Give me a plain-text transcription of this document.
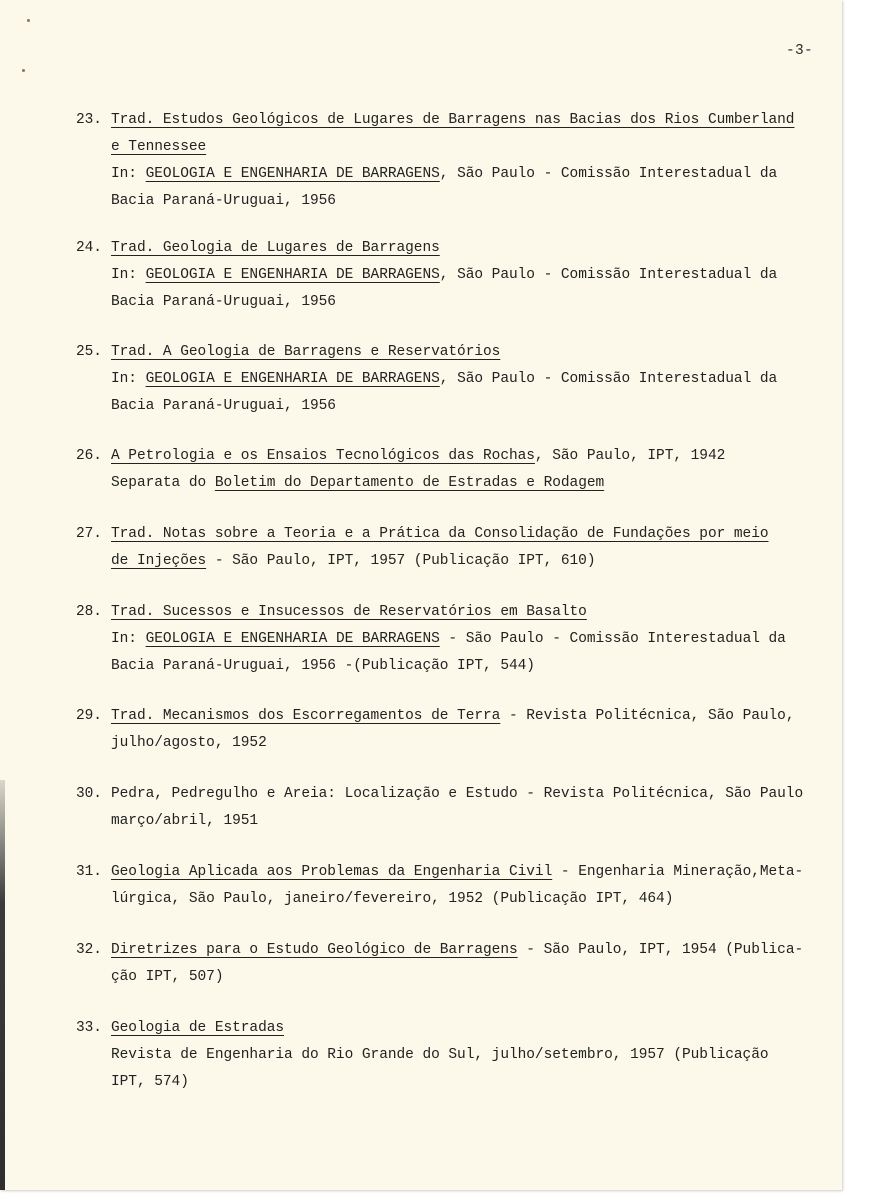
-3-
23. Trad. Estudos Geológicos de Lugares de Barragens nas Bacias dos Rios Cumberland
e Tennessee
In: GEOLOGIA E ENGENHARIA DE BARRAGENS, São Paulo - Comissão Interestadual da
Bacia Paraná-Uruguai, 1956
24. Trad. Geologia de Lugares de Barragens
In: GEOLOGIA E ENGENHARIA DE BARRAGENS, São Paulo - Comissão Interestadual da
Bacia Paraná-Uruguai, 1956
25. Trad. A Geologia de Barragens e Reservatórios
In: GEOLOGIA E ENGENHARIA DE BARRAGENS, São Paulo - Comissão Interestadual da
Bacia Paraná-Uruguai, 1956
26. A Petrologia e os Ensaios Tecnológicos das Rochas, São Paulo, IPT, 1942
Separata do Boletim do Departamento de Estradas e Rodagem
27. Trad. Notas sobre a Teoria e a Prática da Consolidação de Fundações por meio
de Injeções - São Paulo, IPT, 1957 (Publicação IPT, 610)
28. Trad. Sucessos e Insucessos de Reservatórios em Basalto
In: GEOLOGIA E ENGENHARIA DE BARRAGENS - São Paulo - Comissão Interestadual da
Bacia Paraná-Uruguai, 1956 -(Publicação IPT, 544)
29. Trad. Mecanismos dos Escorregamentos de Terra - Revista Politécnica, São Paulo,
julho/agosto, 1952
30. Pedra, Pedregulho e Areia: Localização e Estudo - Revista Politécnica, São Paulo
março/abril, 1951
31. Geologia Aplicada aos Problemas da Engenharia Civil - Engenharia Mineração,Meta-
lúrgica, São Paulo, janeiro/fevereiro, 1952 (Publicação IPT, 464)
32. Diretrizes para o Estudo Geológico de Barragens - São Paulo, IPT, 1954 (Publica-
ção IPT, 507)
33. Geologia de Estradas
Revista de Engenharia do Rio Grande do Sul, julho/setembro, 1957 (Publicação
IPT, 574)
